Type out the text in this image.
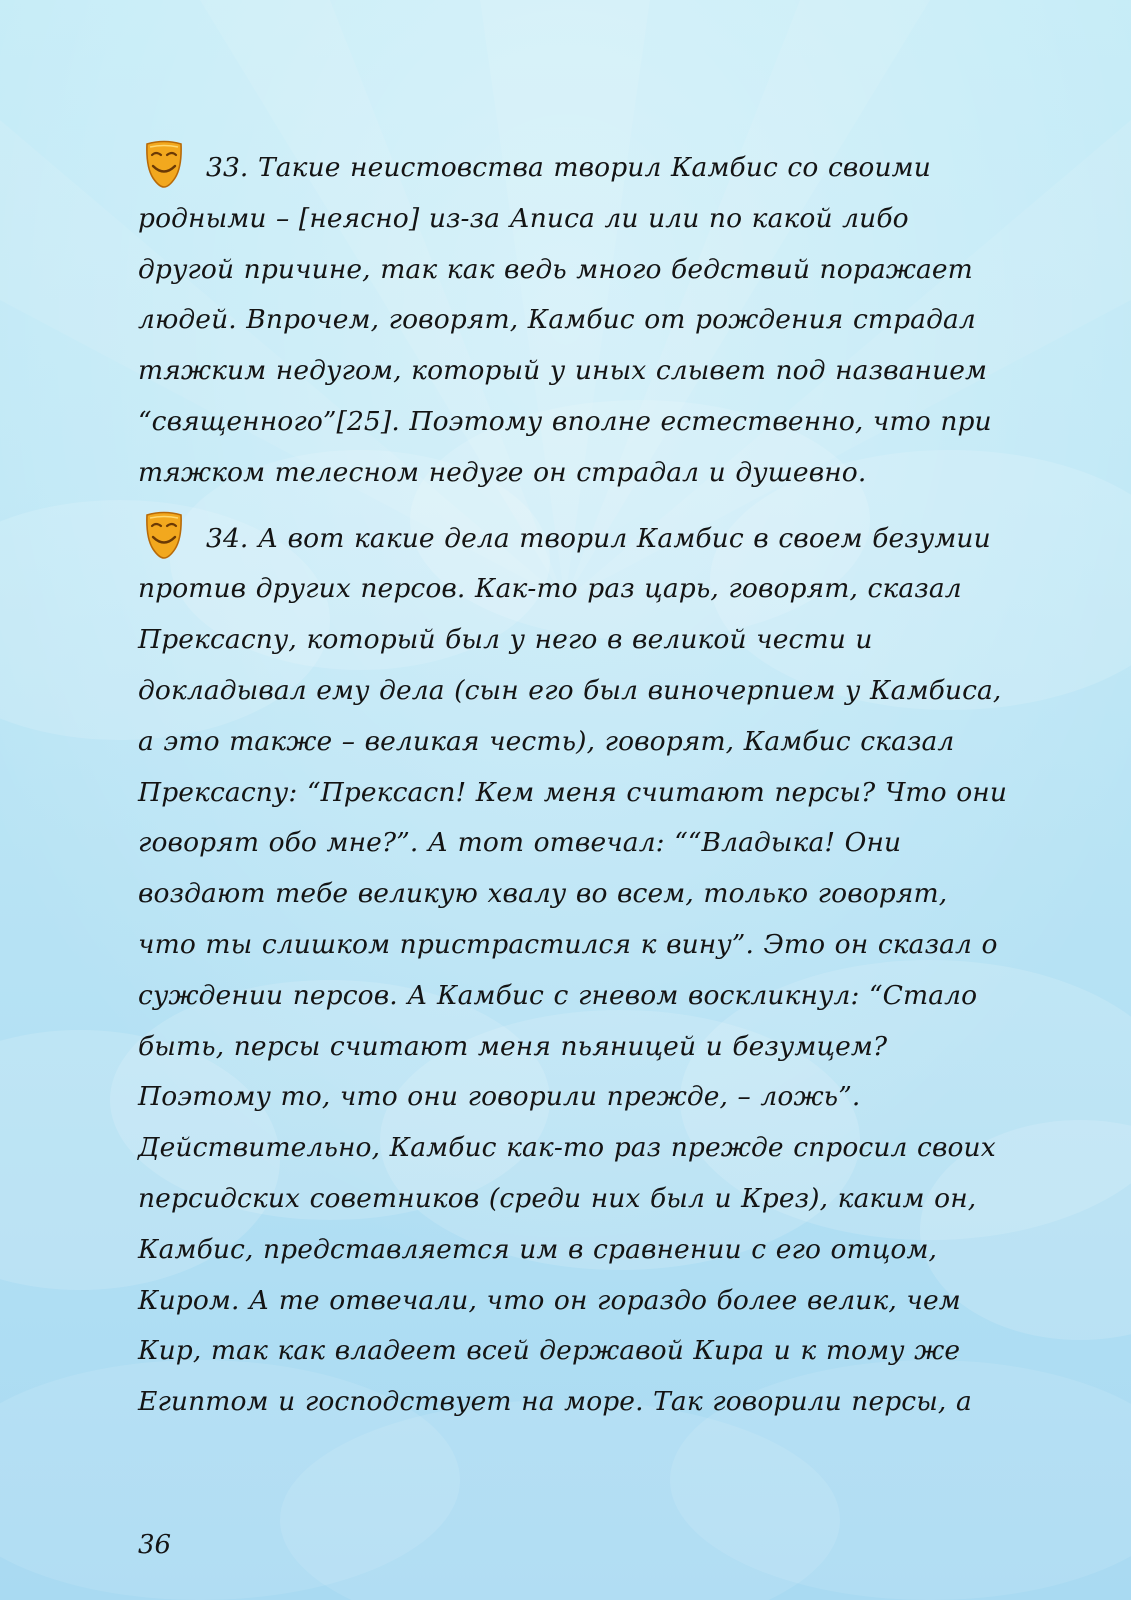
33. Такие неистовства творил Камбис со своими родными – [неясно] из-за Аписа ли или по какой либо другой причине, так как ведь много бедствий поражает людей. Впрочем, говорят, Камбис от рождения страдал тяжким недугом, который у иных слывет под названием “священного”[25]. Поэтому вполне естественно, что при тяжком телесном недуге он страдал и душевно.

34. А вот какие дела творил Камбис в своем безумии против других персов. Как-то раз царь, говорят, сказал Прексаспу, который был у него в великой чести и докладывал ему дела (сын его был виночерпием у Камбиса, а это также – великая честь), говорят, Камбис сказал Прексаспу: “Прексасп! Кем меня считают персы? Что они говорят обо мне?”. А тот отвечал: ““Владыка! Они воздают тебе великую хвалу во всем, только говорят, что ты слишком пристрастился к вину”. Это он сказал о суждении персов. А Камбис с гневом воскликнул: “Стало быть, персы считают меня пьяницей и безумцем? Поэтому то, что они говорили прежде, – ложь”. Действительно, Камбис как-то раз прежде спросил своих персидских советников (среди них был и Крез), каким он, Камбис, представляется им в сравнении с его отцом, Киром. А те отвечали, что он гораздо более велик, чем Кир, так как владеет всей державой Кира и к тому же Египтом и господствует на море. Так говорили персы, а

36
